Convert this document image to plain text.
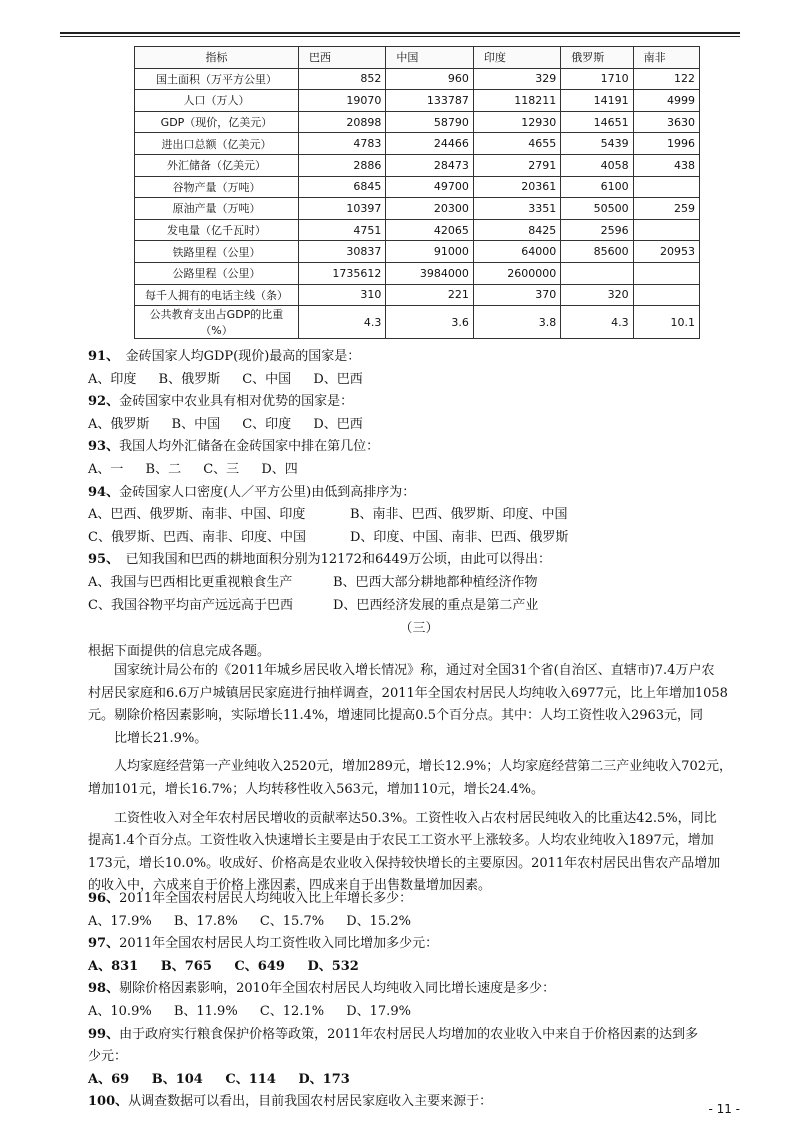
指标	巴西	中国	印度	俄罗斯	南非
国土面积（万平方公里）	852	960	329	1710	122
人口（万人）	19070	133787	118211	14191	4999
GDP（现价，亿美元）	20898	58790	12930	14651	3630
进出口总额（亿美元）	4783	24466	4655	5439	1996
外汇储备（亿美元）	2886	28473	2791	4058	438
谷物产量（万吨）	6845	49700	20361	6100	
原油产量（万吨）	10397	20300	3351	50500	259
发电量（亿千瓦时）	4751	42065	8425	2596	
铁路里程（公里）	30837	91000	64000	85600	20953
公路里程（公里）	1735612	3984000	2600000		
每千人拥有的电话主线（条）	310	221	370	320	
公共教育支出占GDP的比重（%）	4.3	3.6	3.8	4.3	10.1
91、　金砖国家人均GDP(现价)最高的国家是：
A、印度 B、俄罗斯 C、中国 D、巴西
92、金砖国家中农业具有相对优势的国家是：
A、俄罗斯 B、中国 C、印度 D、巴西
93、我国人均外汇储备在金砖国家中排在第几位：
A、一 B、二 C、三 D、四
94、金砖国家人口密度(人／平方公里)由低到高排序为：
A、巴西、俄罗斯、南非、中国、印度	B、南非、巴西、俄罗斯、印度、中国
C、俄罗斯、巴西、南非、印度、中国	D、印度、中国、南非、巴西、俄罗斯
95、　已知我国和巴西的耕地面积分别为12172和6449万公顷，由此可以得出：
A、我国与巴西相比更重视粮食生产	B、巴西大部分耕地都种植经济作物
C、我国谷物平均亩产远远高于巴西	D、巴西经济发展的重点是第二产业
（三）
根据下面提供的信息完成各题。
国家统计局公布的《2011年城乡居民收入增长情况》称，通过对全国31个省(自治区、直辖市)7.4万户农
村居民家庭和6.6万户城镇居民家庭进行抽样调查，2011年全国农村居民人均纯收入6977元，比上年增加1058
元。剔除价格因素影响，实际增长11.4%，增速同比提高0.5个百分点。其中：人均工资性收入2963元，同
比增长21.9%。
人均家庭经营第一产业纯收入2520元，增加289元，增长12.9%；人均家庭经营第二三产业纯收入702元，
增加101元，增长16.7%；人均转移性收入563元，增加110元，增长24.4%。
工资性收入对全年农村居民增收的贡献率达50.3%。工资性收入占农村居民纯收入的比重达42.5%，同比
提高1.4个百分点。工资性收入快速增长主要是由于农民工工资水平上涨较多。人均农业纯收入1897元，增加
173元，增长10.0%。收成好、价格高是农业收入保持较快增长的主要原因。2011年农村居民出售农产品增加
的收入中，六成来自于价格上涨因素，四成来自于出售数量增加因素。
96、2011年全国农村居民人均纯收入比上年增长多少：
A、17.9% B、17.8% C、15.7% D、15.2%
97、2011年全国农村居民人均工资性收入同比增加多少元：
A、831 B、765 C、649 D、532
98、剔除价格因素影响，2010年全国农村居民人均纯收入同比增长速度是多少：
A、10.9% B、11.9% C、12.1% D、17.9%
99、由于政府实行粮食保护价格等政策，2011年农村居民人均增加的农业收入中来自于价格因素的达到多
少元：
A、69 B、104 C、114 D、173
100、从调查数据可以看出，目前我国农村居民家庭收入主要来源于：	- 11 -
